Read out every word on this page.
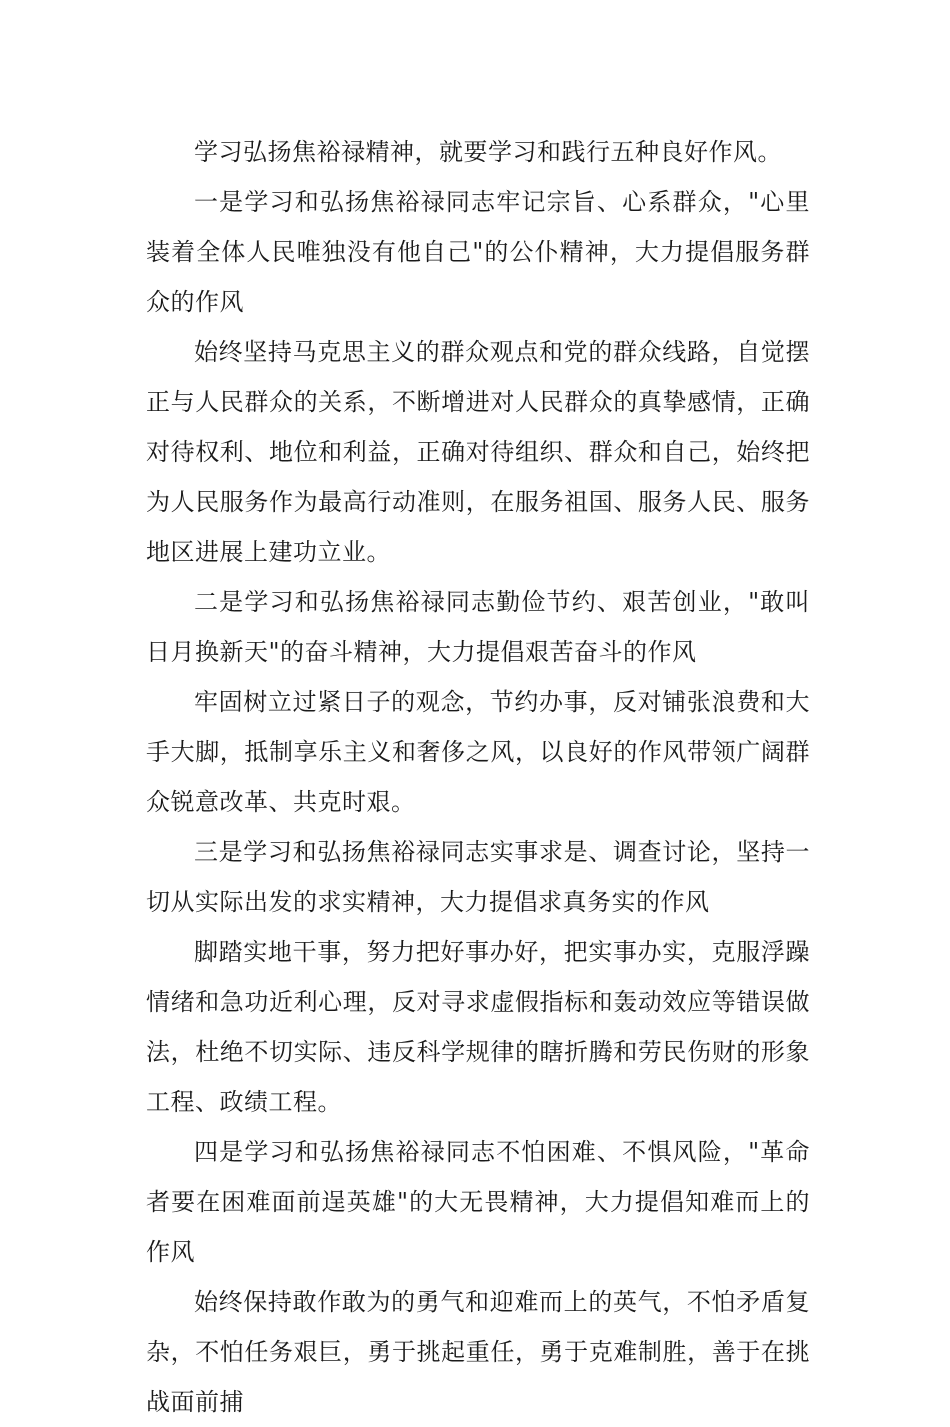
学习弘扬焦裕禄精神，就要学习和践行五种良好作风。

一是学习和弘扬焦裕禄同志牢记宗旨、心系群众，"心里装着全体人民唯独没有他自己"的公仆精神，大力提倡服务群众的作风

始终坚持马克思主义的群众观点和党的群众线路，自觉摆正与人民群众的关系，不断增进对人民群众的真挚感情，正确对待权利、地位和利益，正确对待组织、群众和自己，始终把为人民服务作为最高行动准则，在服务祖国、服务人民、服务地区进展上建功立业。

二是学习和弘扬焦裕禄同志勤俭节约、艰苦创业，"敢叫日月换新天"的奋斗精神，大力提倡艰苦奋斗的作风

牢固树立过紧日子的观念，节约办事，反对铺张浪费和大手大脚，抵制享乐主义和奢侈之风，以良好的作风带领广阔群众锐意改革、共克时艰。

三是学习和弘扬焦裕禄同志实事求是、调查讨论，坚持一切从实际出发的求实精神，大力提倡求真务实的作风

脚踏实地干事，努力把好事办好，把实事办实，克服浮躁情绪和急功近利心理，反对寻求虚假指标和轰动效应等错误做法，杜绝不切实际、违反科学规律的瞎折腾和劳民伤财的形象工程、政绩工程。

四是学习和弘扬焦裕禄同志不怕困难、不惧风险，"革命者要在困难面前逞英雄"的大无畏精神，大力提倡知难而上的作风

始终保持敢作敢为的勇气和迎难而上的英气，不怕矛盾复杂，不怕任务艰巨，勇于挑起重任，勇于克难制胜，善于在挑战面前捕
